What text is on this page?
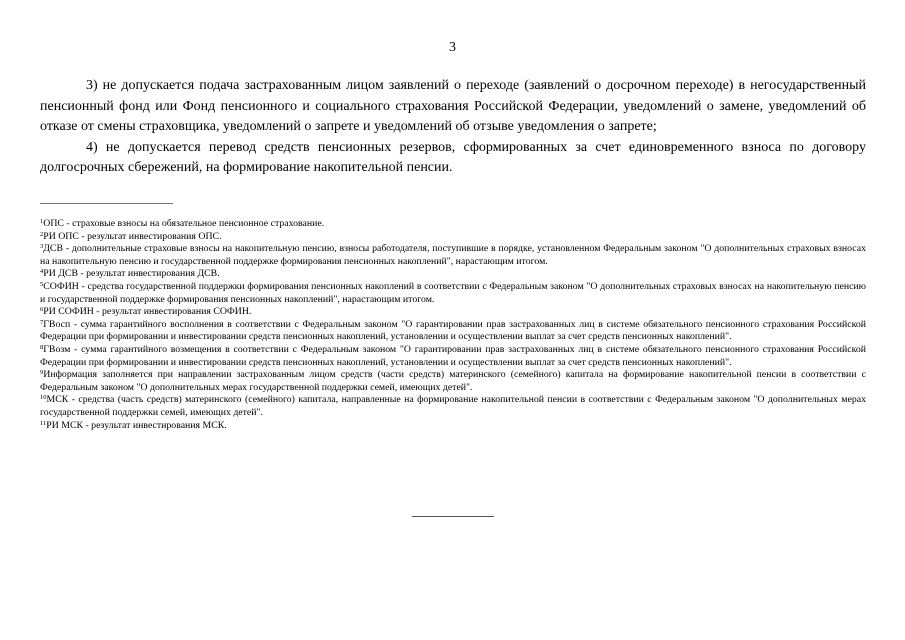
3

3) не допускается подача застрахованным лицом заявлений о переходе (заявлений о досрочном переходе) в негосударственный пенсионный фонд или Фонд пенсионного и социального страхования Российской Федерации, уведомлений о замене, уведомлений об отказе от смены страховщика, уведомлений о запрете и уведомлений об отзыве уведомления о запрете;

4) не допускается перевод средств пенсионных резервов, сформированных за счет единовременного взноса по договору долгосрочных сбережений, на формирование накопительной пенсии.

$^1$ОПС - страховые взносы на обязательное пенсионное страхование.

$^2$РИ ОПС - результат инвестирования ОПС.

$^3$ДСВ - дополнительные страховые взносы на накопительную пенсию, взносы работодателя, поступившие в порядке, установленном Федеральным законом "О дополнительных страховых взносах на накопительную пенсию и государственной поддержке формирования пенсионных накоплений", нарастающим итогом.

$^4$РИ ДСВ - результат инвестирования ДСВ.

$^5$СОФИН - средства государственной поддержки формирования пенсионных накоплений в соответствии с Федеральным законом "О дополнительных страховых взносах на накопительную пенсию и государственной поддержке формирования пенсионных накоплений", нарастающим итогом.

$^6$РИ СОФИН - результат инвестирования СОФИН.

$^7$ГВосп - сумма гарантийного восполнения в соответствии с Федеральным законом "О гарантировании прав застрахованных лиц в системе обязательного пенсионного страхования Российской Федерации при формировании и инвестировании средств пенсионных накоплений, установлении и осуществлении выплат за счет средств пенсионных накоплений".

$^8$ГВозм - сумма гарантийного возмещения в соответствии с Федеральным законом "О гарантировании прав застрахованных лиц в системе обязательного пенсионного страхования Российской Федерации при формировании и инвестировании средств пенсионных накоплений, установлении и осуществлении выплат за счет средств пенсионных накоплений".

$^9$Информация заполняется при направлении застрахованным лицом средств (части средств) материнского (семейного) капитала на формирование накопительной пенсии в соответствии с Федеральным законом "О дополнительных мерах государственной поддержки семей, имеющих детей".

$^{10}$МСК - средства (часть средств) материнского (семейного) капитала, направленные на формирование накопительной пенсии в соответствии с Федеральным законом "О дополнительных мерах государственной поддержки семей, имеющих детей".

$^{11}$РИ МСК - результат инвестирования МСК.
